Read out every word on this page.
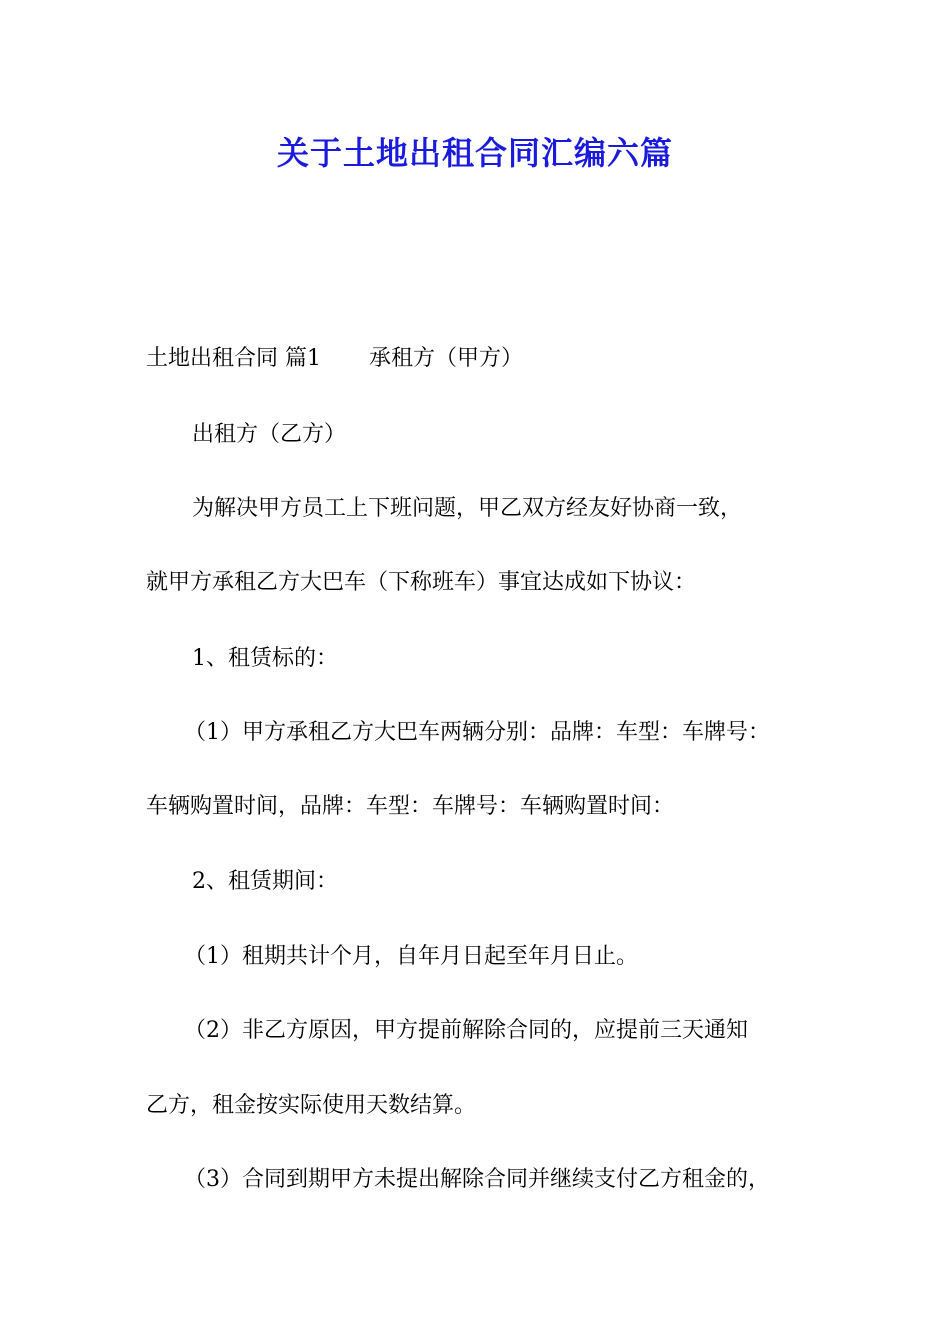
关于土地出租合同汇编六篇
土地出租合同 篇1 承租方（甲方）
出租方（乙方）
为解决甲方员工上下班问题，甲乙双方经友好协商一致，
就甲方承租乙方大巴车（下称班车）事宜达成如下协议：
1、租赁标的：
（1）甲方承租乙方大巴车两辆分别：品牌：车型：车牌号：
车辆购置时间，品牌：车型：车牌号：车辆购置时间：
2、租赁期间：
（1）租期共计个月，自年月日起至年月日止。
（2）非乙方原因，甲方提前解除合同的，应提前三天通知
乙方，租金按实际使用天数结算。
（3）合同到期甲方未提出解除合同并继续支付乙方租金的，
